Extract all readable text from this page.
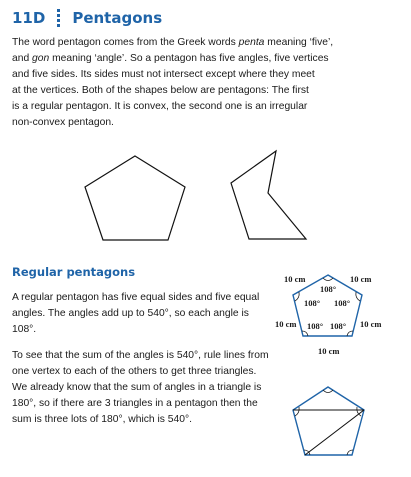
11D Pentagons

The word pentagon comes from the Greek words penta meaning ‘five’,

and gon meaning ‘angle’. So a pentagon has five angles, five vertices

and five sides. Its sides must not intersect except where they meet

at the vertices. Both of the shapes below are pentagons: The first

is a regular pentagon. It is convex, the second one is an irregular

non-convex pentagon.

Regular pentagons

A regular pentagon has five equal sides and five equal angles. The angles add up to 540°, so each angle is 108°.

To see that the sum of the angles is 540°, rule lines from one vertex to each of the others to get three triangles. We already know that the sum of angles in a triangle is 180°, so if there are 3 triangles in a pentagon then the sum is three lots of 180°, which is 540°.

10 cm	10 cm
10 cm	10 cm
10 cm
108°
108° 108°
108° 108°
